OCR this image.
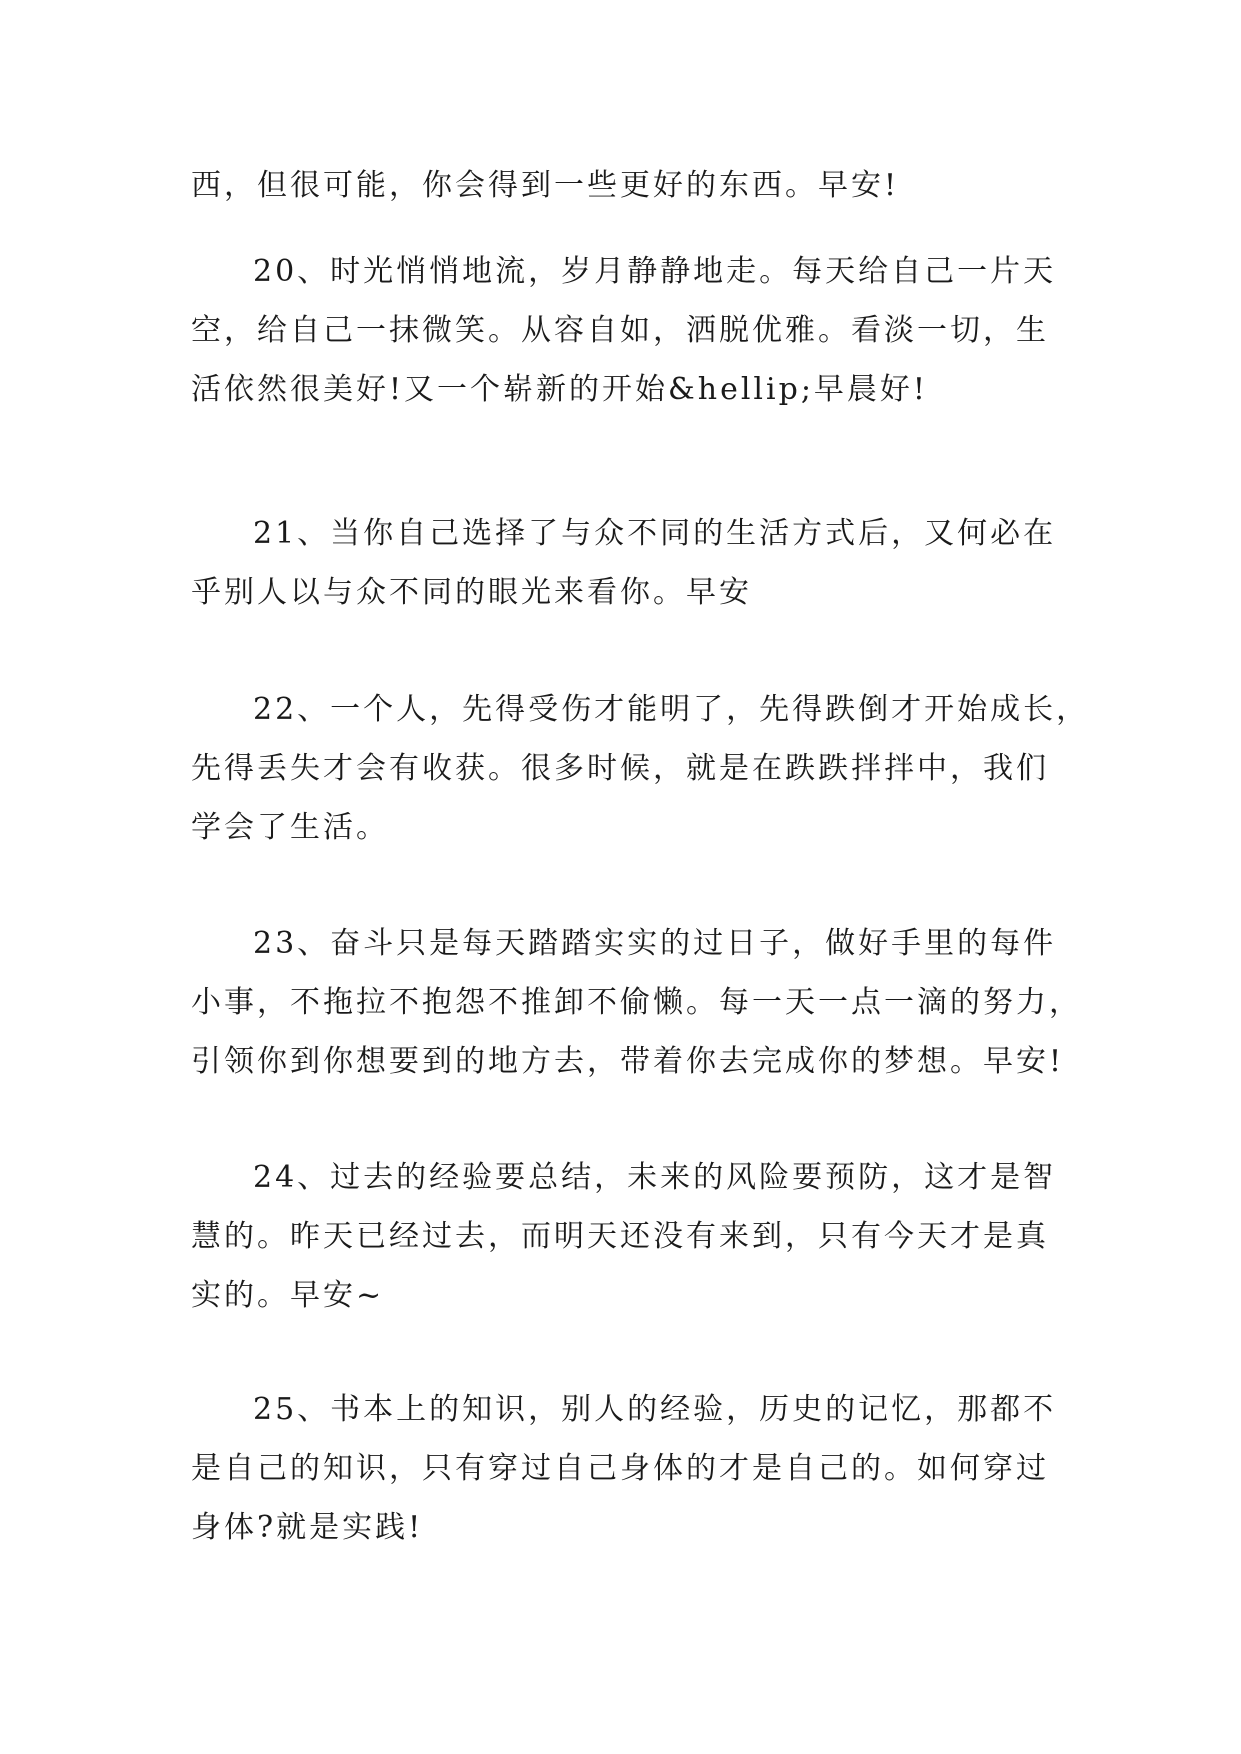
西，但很可能，你会得到一些更好的东西。早安!

20、时光悄悄地流，岁月静静地走。每天给自己一片天
空，给自己一抹微笑。从容自如，洒脱优雅。看淡一切，生
活依然很美好!又一个崭新的开始&hellip;早晨好!

21、当你自己选择了与众不同的生活方式后，又何必在
乎别人以与众不同的眼光来看你。早安

22、一个人，先得受伤才能明了，先得跌倒才开始成长，
先得丢失才会有收获。很多时候，就是在跌跌拌拌中，我们
学会了生活。

23、奋斗只是每天踏踏实实的过日子，做好手里的每件
小事，不拖拉不抱怨不推卸不偷懒。每一天一点一滴的努力，
引领你到你想要到的地方去，带着你去完成你的梦想。早安!

24、过去的经验要总结，未来的风险要预防，这才是智
慧的。昨天已经过去，而明天还没有来到，只有今天才是真
实的。早安~

25、书本上的知识，别人的经验，历史的记忆，那都不
是自己的知识，只有穿过自己身体的才是自己的。如何穿过
身体?就是实践!
